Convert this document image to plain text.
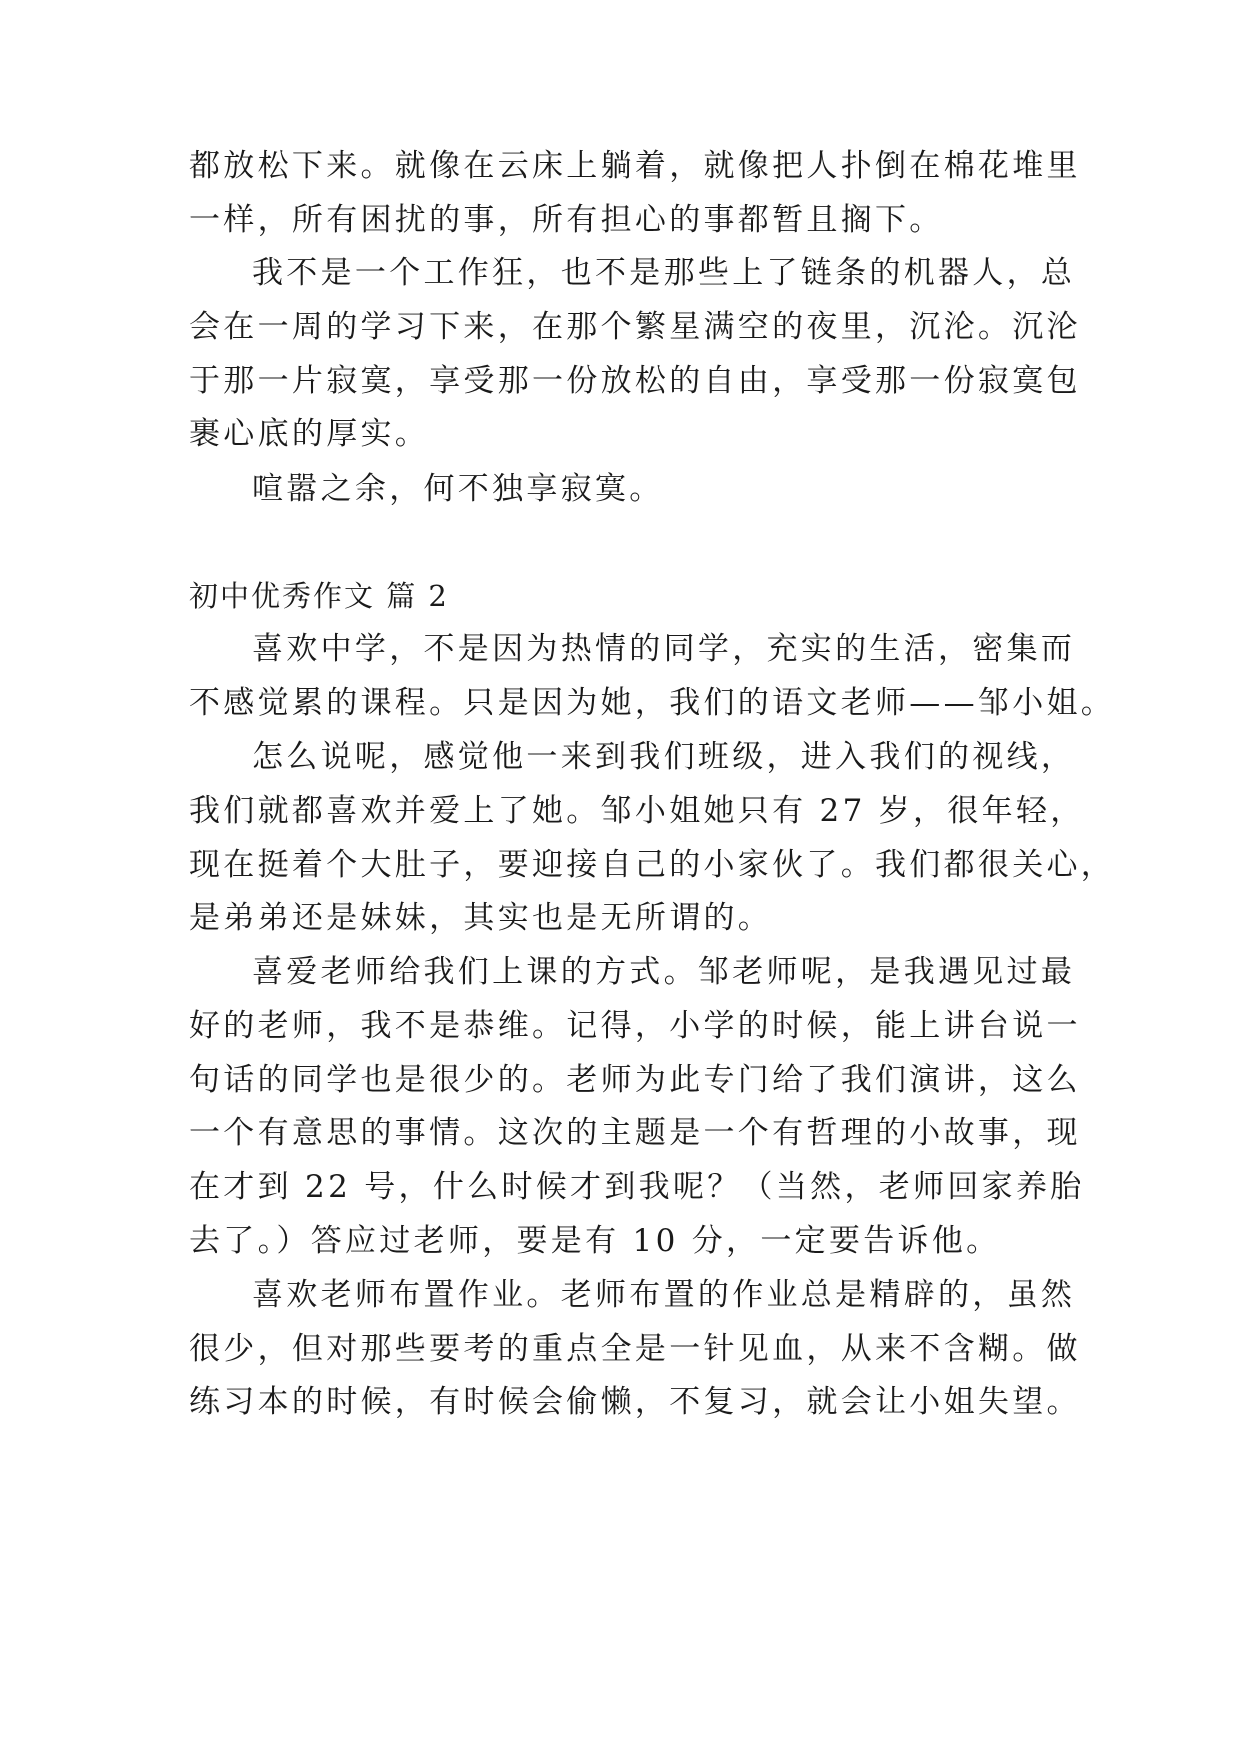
都放松下来。就像在云床上躺着，就像把人扑倒在棉花堆里
一样，所有困扰的事，所有担心的事都暂且搁下。
我不是一个工作狂，也不是那些上了链条的机器人，总
会在一周的学习下来，在那个繁星满空的夜里，沉沦。沉沦
于那一片寂寞，享受那一份放松的自由，享受那一份寂寞包
裹心底的厚实。
喧嚣之余，何不独享寂寞。
初中优秀作文 篇 2
喜欢中学，不是因为热情的同学，充实的生活，密集而
不感觉累的课程。只是因为她，我们的语文老师——邹小姐。
怎么说呢，感觉他一来到我们班级，进入我们的视线，
我们就都喜欢并爱上了她。邹小姐她只有 27 岁，很年轻，
现在挺着个大肚子，要迎接自己的小家伙了。我们都很关心，
是弟弟还是妹妹，其实也是无所谓的。
喜爱老师给我们上课的方式。邹老师呢，是我遇见过最
好的老师，我不是恭维。记得，小学的时候，能上讲台说一
句话的同学也是很少的。老师为此专门给了我们演讲，这么
一个有意思的事情。这次的主题是一个有哲理的小故事，现
在才到 22 号，什么时候才到我呢？（当然，老师回家养胎
去了。）答应过老师，要是有 10 分，一定要告诉他。
喜欢老师布置作业。老师布置的作业总是精辟的，虽然
很少，但对那些要考的重点全是一针见血，从来不含糊。做
练习本的时候，有时候会偷懒，不复习，就会让小姐失望。
